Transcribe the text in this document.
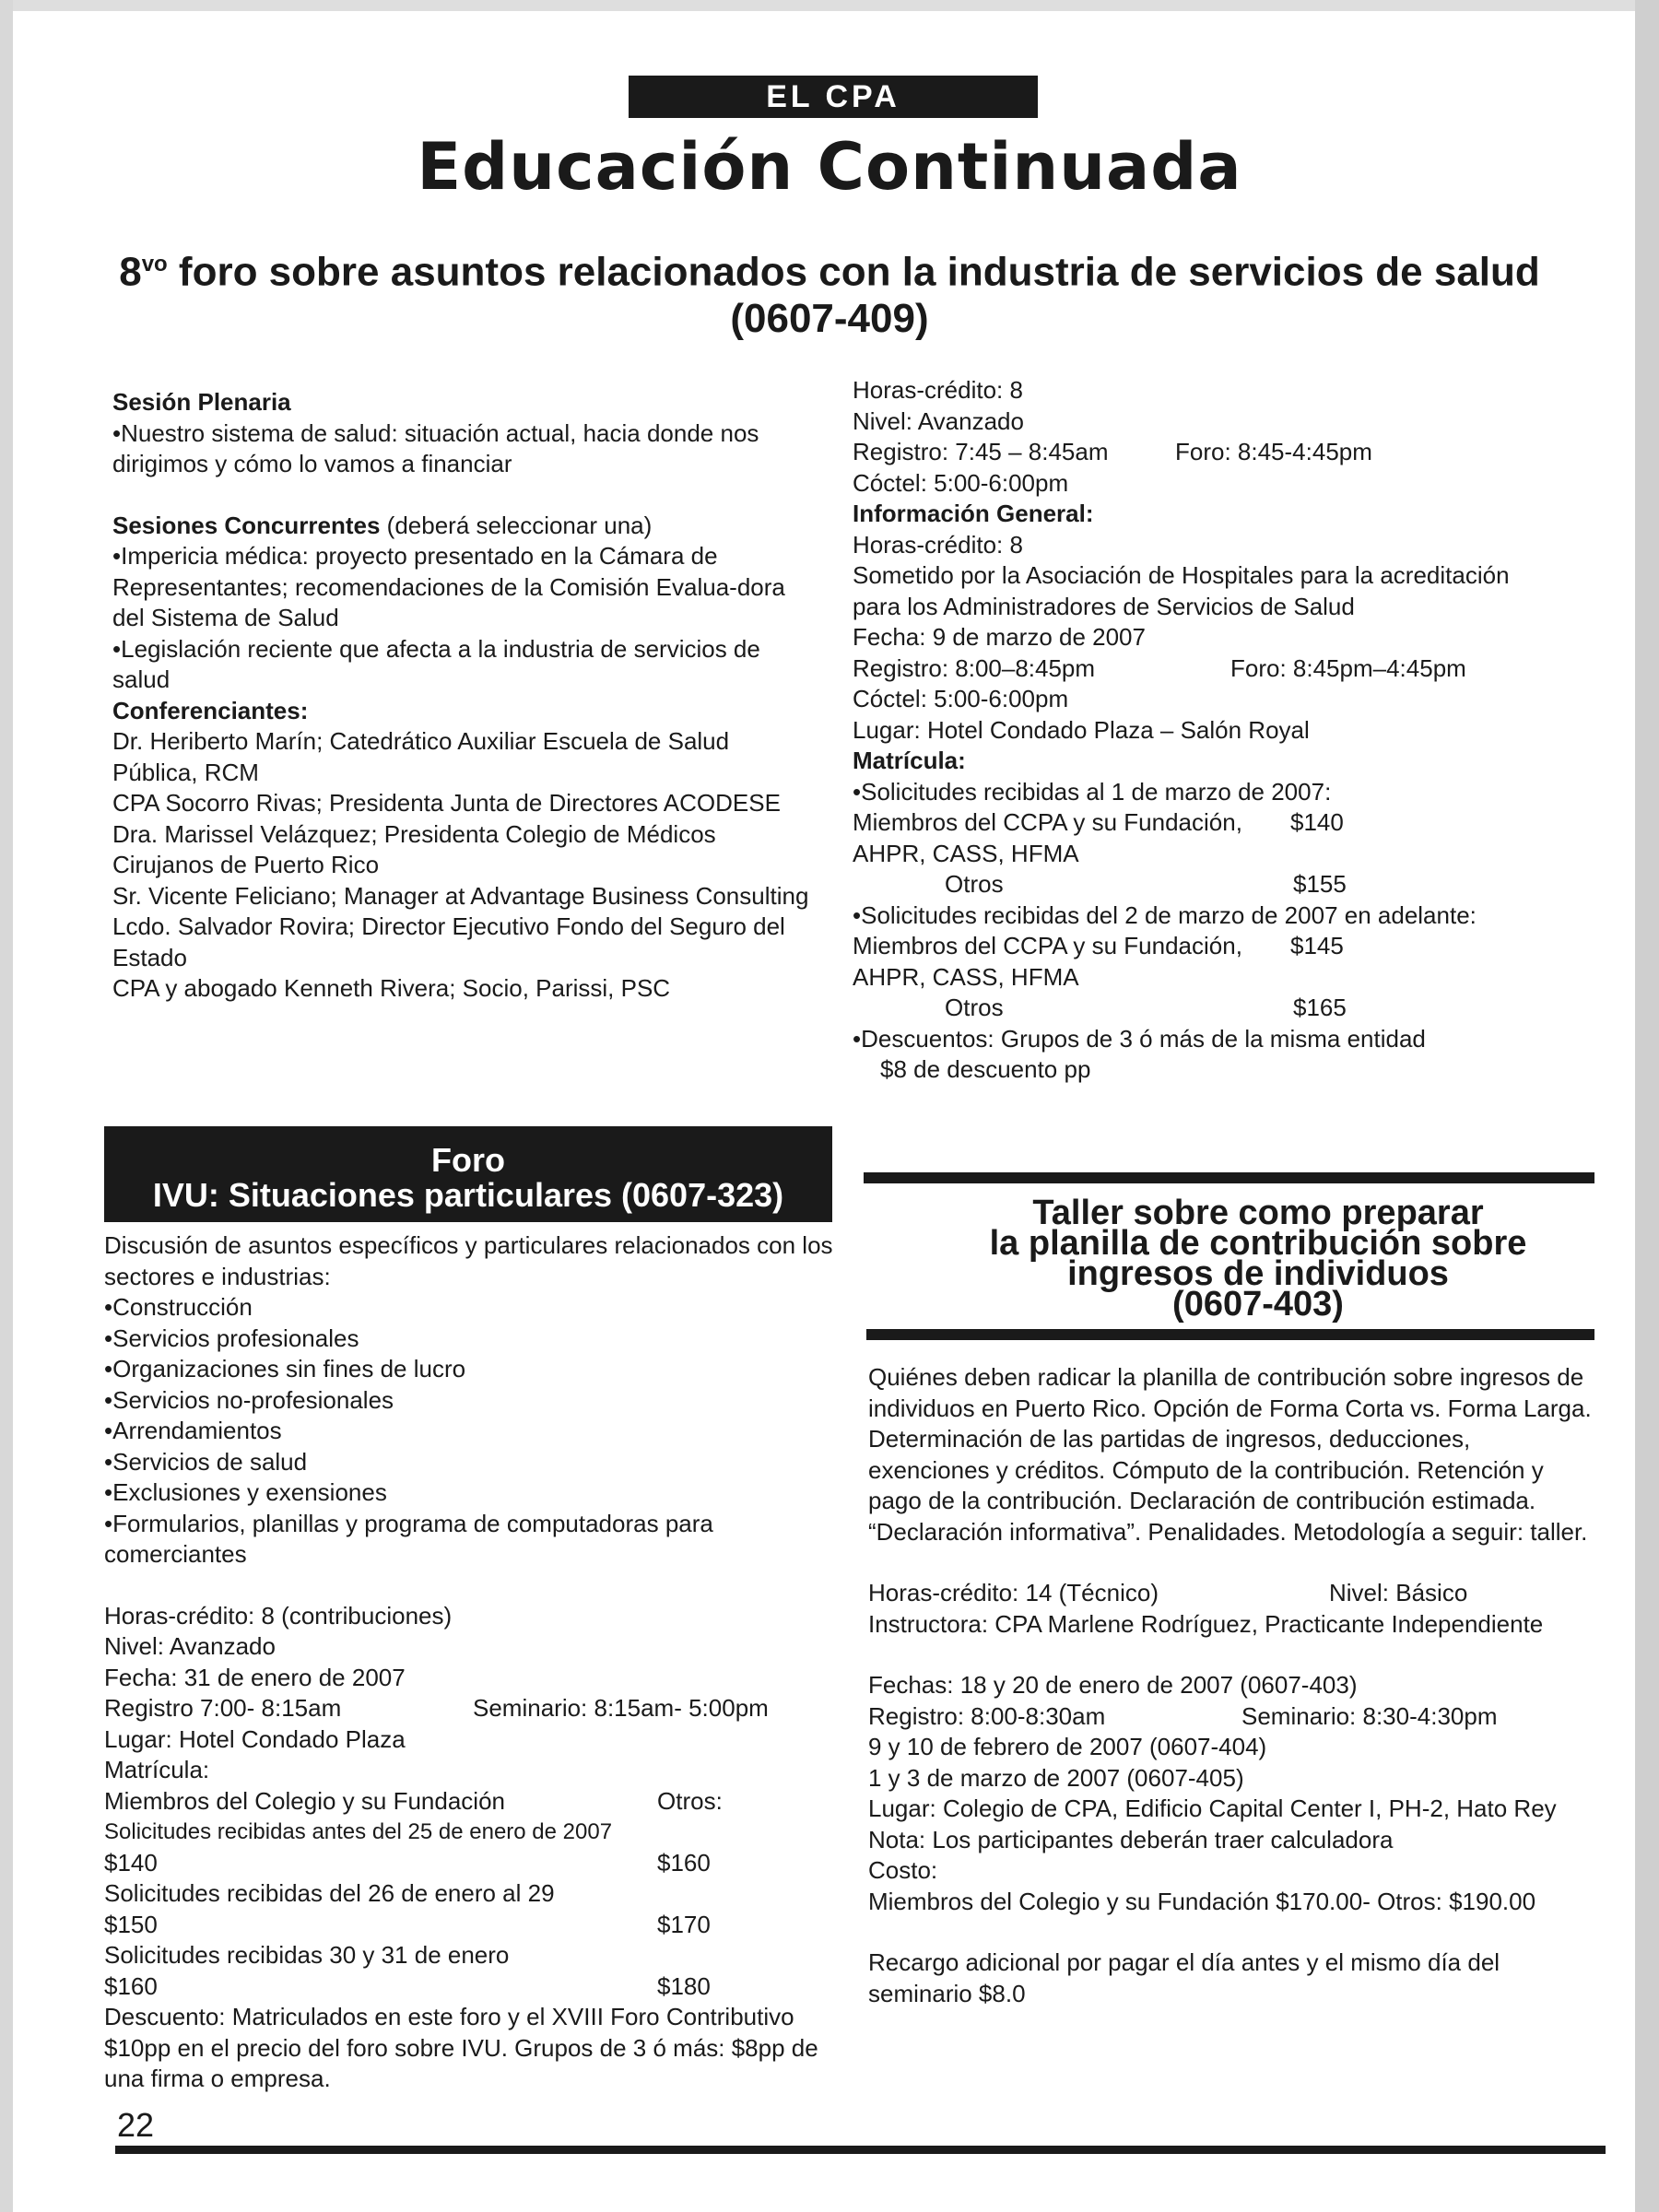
EL CPA
Educación Continuada
$8^{vo}$ foro sobre asuntos relacionados con la industria de servicios de salud
(0607-409)

Sesión Plenaria

•Nuestro sistema de salud: situación actual, hacia donde nos dirigimos y cómo lo vamos a financiar

Sesiones Concurrentes (deberá seleccionar una)

•Impericia médica: proyecto presentado en la Cámara de Representantes; recomendaciones de la Comisión Evalua-dora del Sistema de Salud

•Legislación reciente que afecta a la industria de servicios de salud

Conferenciantes:

Dr. Heriberto Marín; Catedrático Auxiliar Escuela de Salud Pública, RCM

CPA Socorro Rivas; Presidenta Junta de Directores ACODESE

Dra. Marissel Velázquez; Presidenta Colegio de Médicos Cirujanos de Puerto Rico

Sr. Vicente Feliciano; Manager at Advantage Business Consulting

Lcdo. Salvador Rovira; Director Ejecutivo Fondo del Seguro del Estado

CPA y abogado Kenneth Rivera; Socio, Parissi, PSC

Horas-crédito: 8

Nivel: Avanzado

Registro: 7:45 – 8:45am	Foro: 8:45-4:45pm

Cóctel: 5:00-6:00pm

Información General:

Horas-crédito: 8

Sometido por la Asociación de Hospitales para la acreditación para los Administradores de Servicios de Salud

Fecha: 9 de marzo de 2007

Registro: 8:00–8:45pm	Foro: 8:45pm–4:45pm

Cóctel: 5:00-6:00pm

Lugar: Hotel Condado Plaza – Salón Royal

Matrícula:

•Solicitudes recibidas al 1 de marzo de 2007:

Miembros del CCPA y su Fundación,	$140

AHPR, CASS, HFMA

Otros	$155

•Solicitudes recibidas del 2 de marzo de 2007 en adelante:

Miembros del CCPA y su Fundación,	$145

AHPR, CASS, HFMA

Otros	$165

•Descuentos: Grupos de 3 ó más de la misma entidad

$8 de descuento pp

Foro
IVU: Situaciones particulares (0607-323)

Discusión de asuntos específicos y particulares relacionados con los sectores e industrias:

•Construcción

•Servicios profesionales

•Organizaciones sin fines de lucro

•Servicios no-profesionales

•Arrendamientos

•Servicios de salud

•Exclusiones y exensiones

•Formularios, planillas y programa de computadoras para comerciantes

Horas-crédito: 8 (contribuciones)

Nivel: Avanzado

Fecha: 31 de enero de 2007

Registro 7:00- 8:15am	Seminario: 8:15am- 5:00pm

Lugar: Hotel Condado Plaza

Matrícula:

Miembros del Colegio y su Fundación	Otros:

Solicitudes recibidas antes del 25 de enero de 2007

$140	$160

Solicitudes recibidas del 26 de enero al 29

$150	$170

Solicitudes recibidas 30 y 31 de enero

$160	$180

Descuento: Matriculados en este foro y el XVIII Foro Contributivo $10pp en el precio del foro sobre IVU. Grupos de 3 ó más: $8pp de una firma o empresa.

Taller sobre como preparar
la planilla de contribución sobre
ingresos de individuos
(0607-403)

Quiénes deben radicar la planilla de contribución sobre ingresos de individuos en Puerto Rico. Opción de Forma Corta vs. Forma Larga. Determinación de las partidas de ingresos, deducciones, exenciones y créditos. Cómputo de la contribución. Retención y pago de la contribución. Declaración de contribución estimada. “Declaración informativa”. Penalidades. Metodología a seguir: taller.

Horas-crédito: 14 (Técnico)	Nivel: Básico

Instructora: CPA Marlene Rodríguez, Practicante Independiente

Fechas: 18 y 20 de enero de 2007 (0607-403)

Registro: 8:00-8:30am	Seminario: 8:30-4:30pm

9 y 10 de febrero de 2007 (0607-404)

1 y 3 de marzo de 2007 (0607-405)

Lugar: Colegio de CPA, Edificio Capital Center I, PH-2, Hato Rey

Nota: Los participantes deberán traer calculadora

Costo:

Miembros del Colegio y su Fundación $170.00- Otros: $190.00

Recargo adicional por pagar el día antes y el mismo día del seminario $8.0

22
